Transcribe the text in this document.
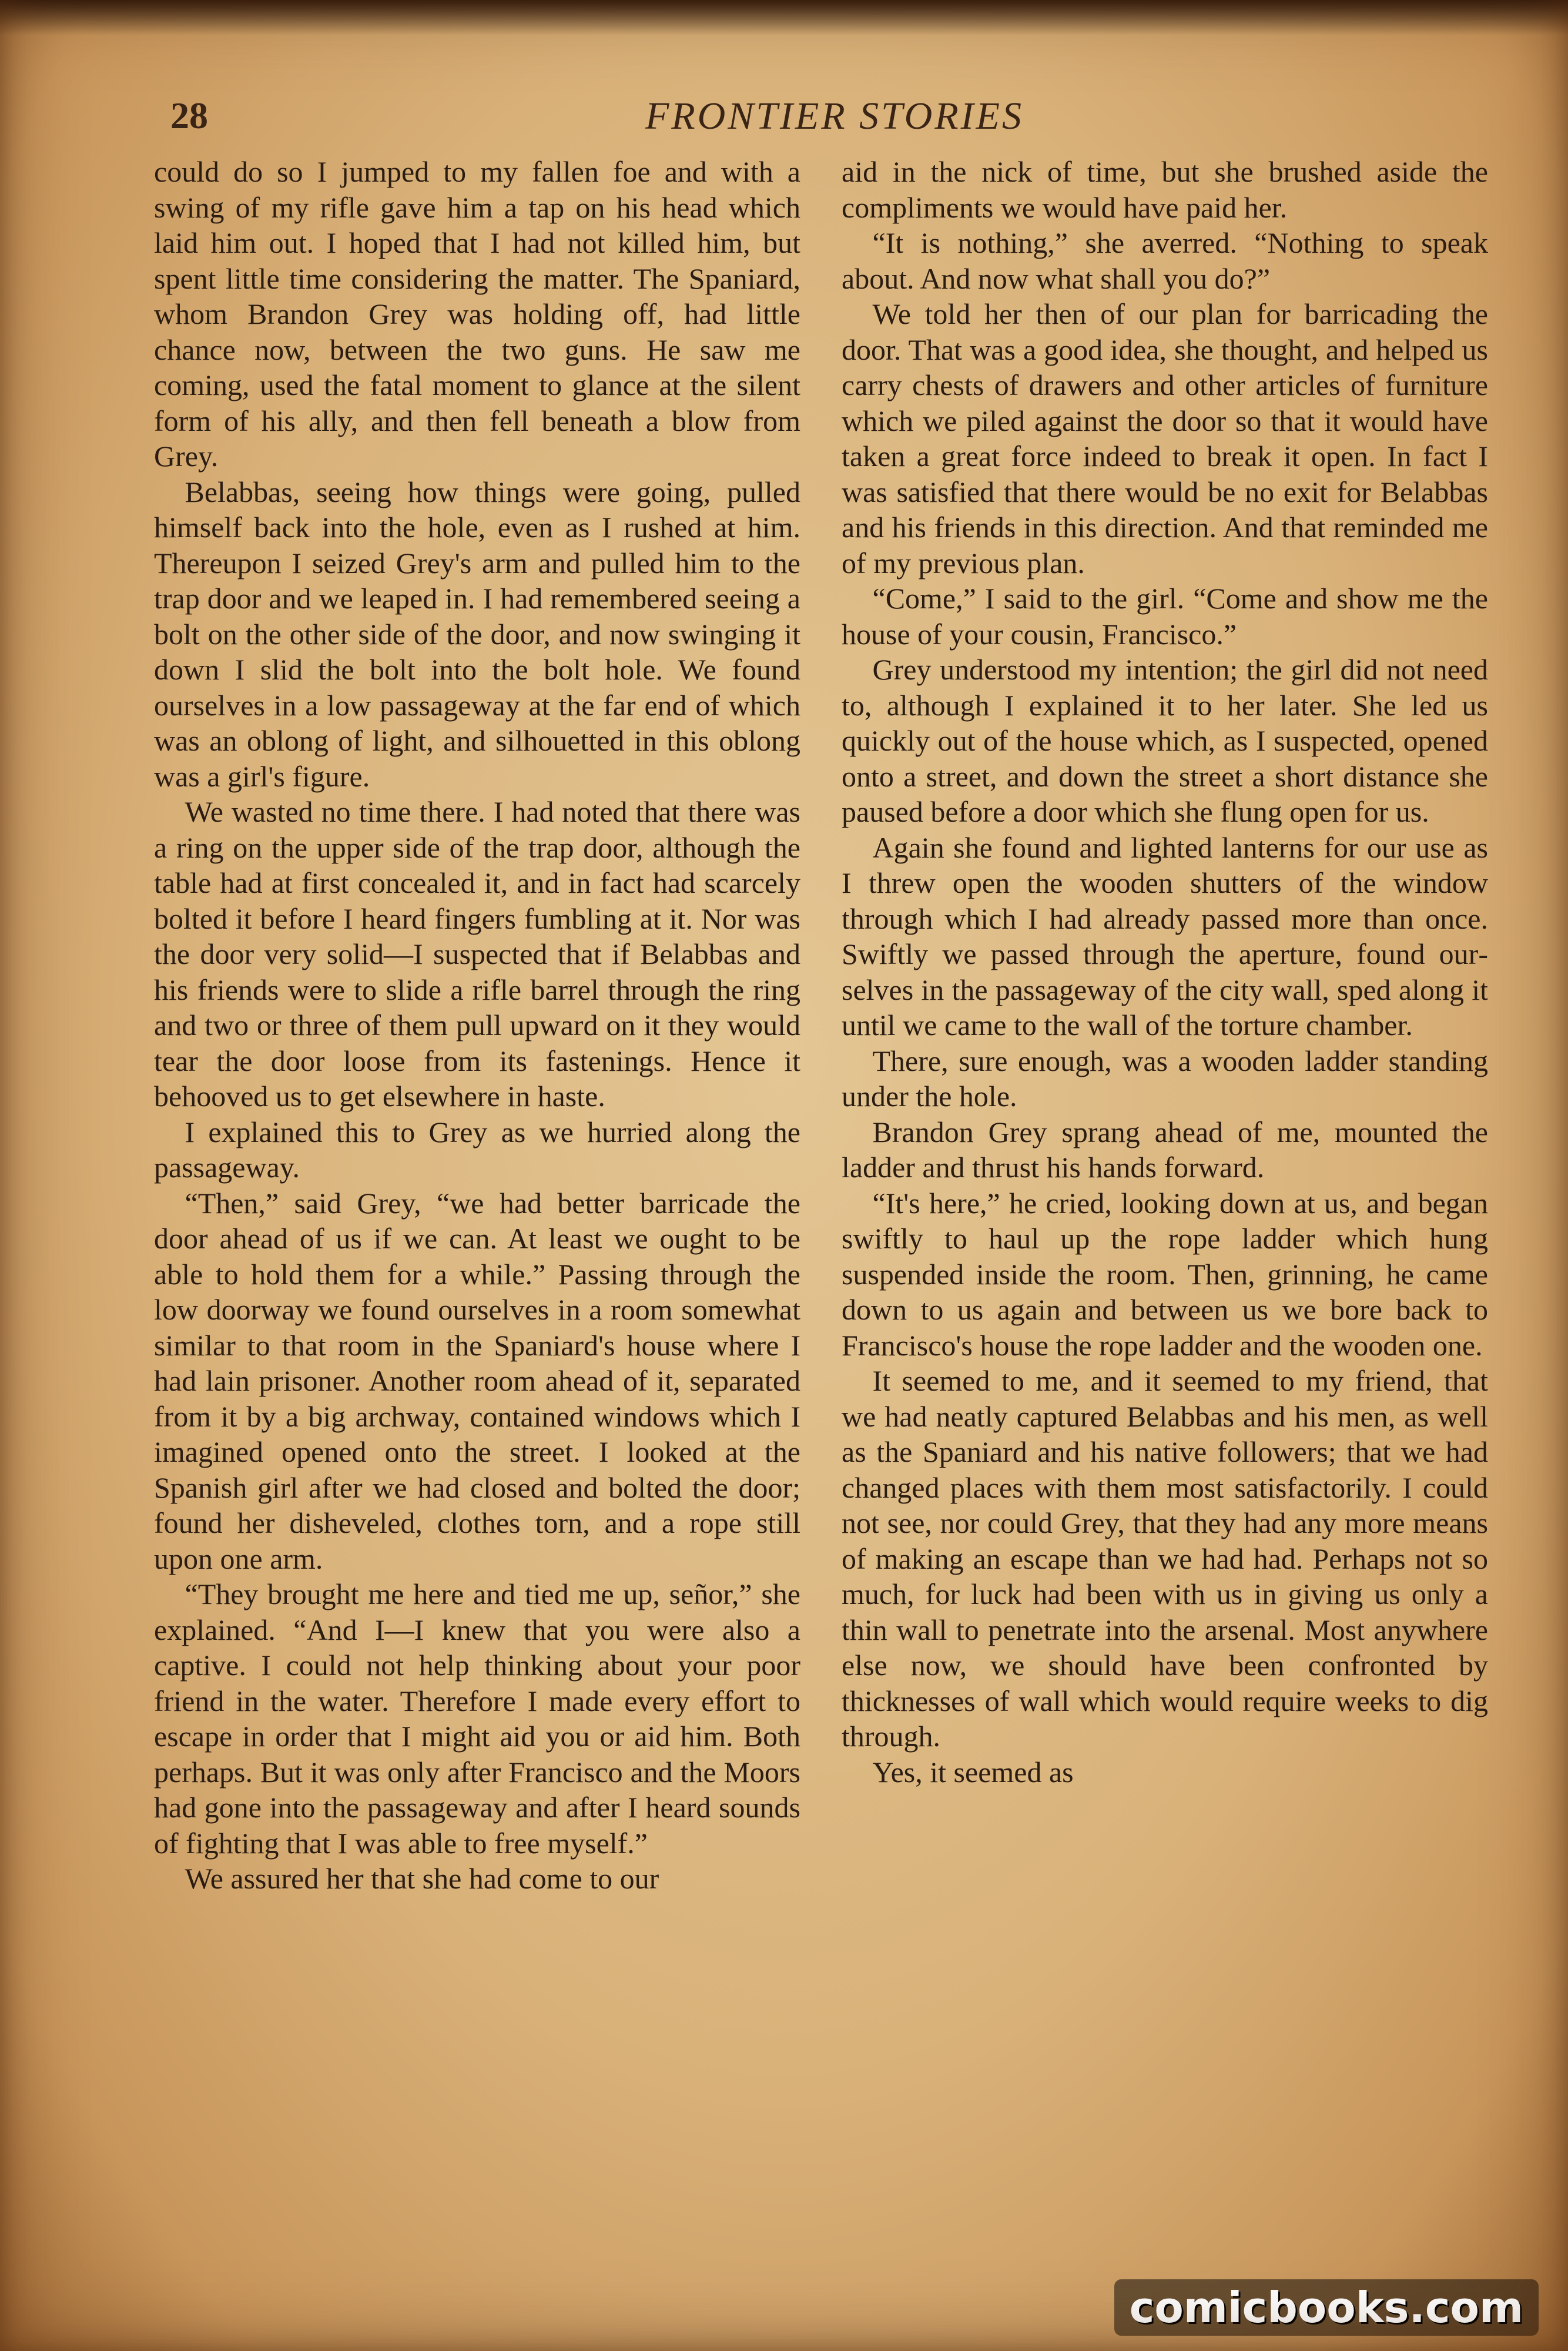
28	FRONTIER STORIES

could do so I jumped to my fallen foe and with a swing of my rifle gave him a tap on his head which laid him out. I hoped that I had not killed him, but spent little time considering the matter. The Spaniard, whom Brandon Grey was holding off, had little chance now, between the two guns. He saw me coming, used the fatal moment to glance at the silent form of his ally, and then fell beneath a blow from Grey.

Belabbas, seeing how things were going, pulled himself back into the hole, even as I rushed at him. Thereupon I seized Grey's arm and pulled him to the trap door and we leaped in. I had remembered seeing a bolt on the other side of the door, and now swinging it down I slid the bolt into the bolt hole. We found ourselves in a low passageway at the far end of which was an oblong of light, and silhouetted in this oblong was a girl's figure.

We wasted no time there. I had noted that there was a ring on the upper side of the trap door, although the table had at first concealed it, and in fact had scarcely bolted it before I heard fingers fumbling at it. Nor was the door very solid—I suspected that if Belabbas and his friends were to slide a rifle barrel through the ring and two or three of them pull upward on it they would tear the door loose from its fastenings. Hence it behooved us to get elsewhere in haste.

I explained this to Grey as we hurried along the passageway.

“Then,” said Grey, “we had better barricade the door ahead of us if we can. At least we ought to be able to hold them for a while.” Passing through the low doorway we found ourselves in a room somewhat similar to that room in the Spaniard's house where I had lain prisoner. Another room ahead of it, separated from it by a big archway, contained windows which I imagined opened onto the street. I looked at the Spanish girl after we had closed and bolted the door; found her disheveled, clothes torn, and a rope still upon one arm.

“They brought me here and tied me up, señor,” she explained. “And I—I knew that you were also a captive. I could not help thinking about your poor friend in the water. Therefore I made every effort to escape in order that I might aid you or aid him. Both perhaps. But it was only after Francisco and the Moors had gone into the passageway and after I heard sounds of fighting that I was able to free myself.”

We assured her that she had come to our

aid in the nick of time, but she brushed aside the compliments we would have paid her.

“It is nothing,” she averred. “Nothing to speak about. And now what shall you do?”

We told her then of our plan for barricading the door. That was a good idea, she thought, and helped us carry chests of drawers and other articles of furniture which we piled against the door so that it would have taken a great force indeed to break it open. In fact I was satisfied that there would be no exit for Belabbas and his friends in this direction. And that reminded me of my previous plan.

“Come,” I said to the girl. “Come and show me the house of your cousin, Francisco.”

Grey understood my intention; the girl did not need to, although I explained it to her later. She led us quickly out of the house which, as I suspected, opened onto a street, and down the street a short distance she paused before a door which she flung open for us.

Again she found and lighted lanterns for our use as I threw open the wooden shutters of the window through which I had already passed more than once. Swiftly we passed through the aperture, found ourselves in the passageway of the city wall, sped along it until we came to the wall of the torture chamber.

There, sure enough, was a wooden ladder standing under the hole.

Brandon Grey sprang ahead of me, mounted the ladder and thrust his hands forward.

“It's here,” he cried, looking down at us, and began swiftly to haul up the rope ladder which hung suspended inside the room. Then, grinning, he came down to us again and between us we bore back to Francisco's house the rope ladder and the wooden one.

It seemed to me, and it seemed to my friend, that we had neatly captured Belabbas and his men, as well as the Spaniard and his native followers; that we had changed places with them most satisfactorily. I could not see, nor could Grey, that they had any more means of making an escape than we had had. Perhaps not so much, for luck had been with us in giving us only a thin wall to penetrate into the arsenal. Most anywhere else now, we should have been confronted by thicknesses of wall which would require weeks to dig through.

Yes, it seemed as

comicbooks.com
